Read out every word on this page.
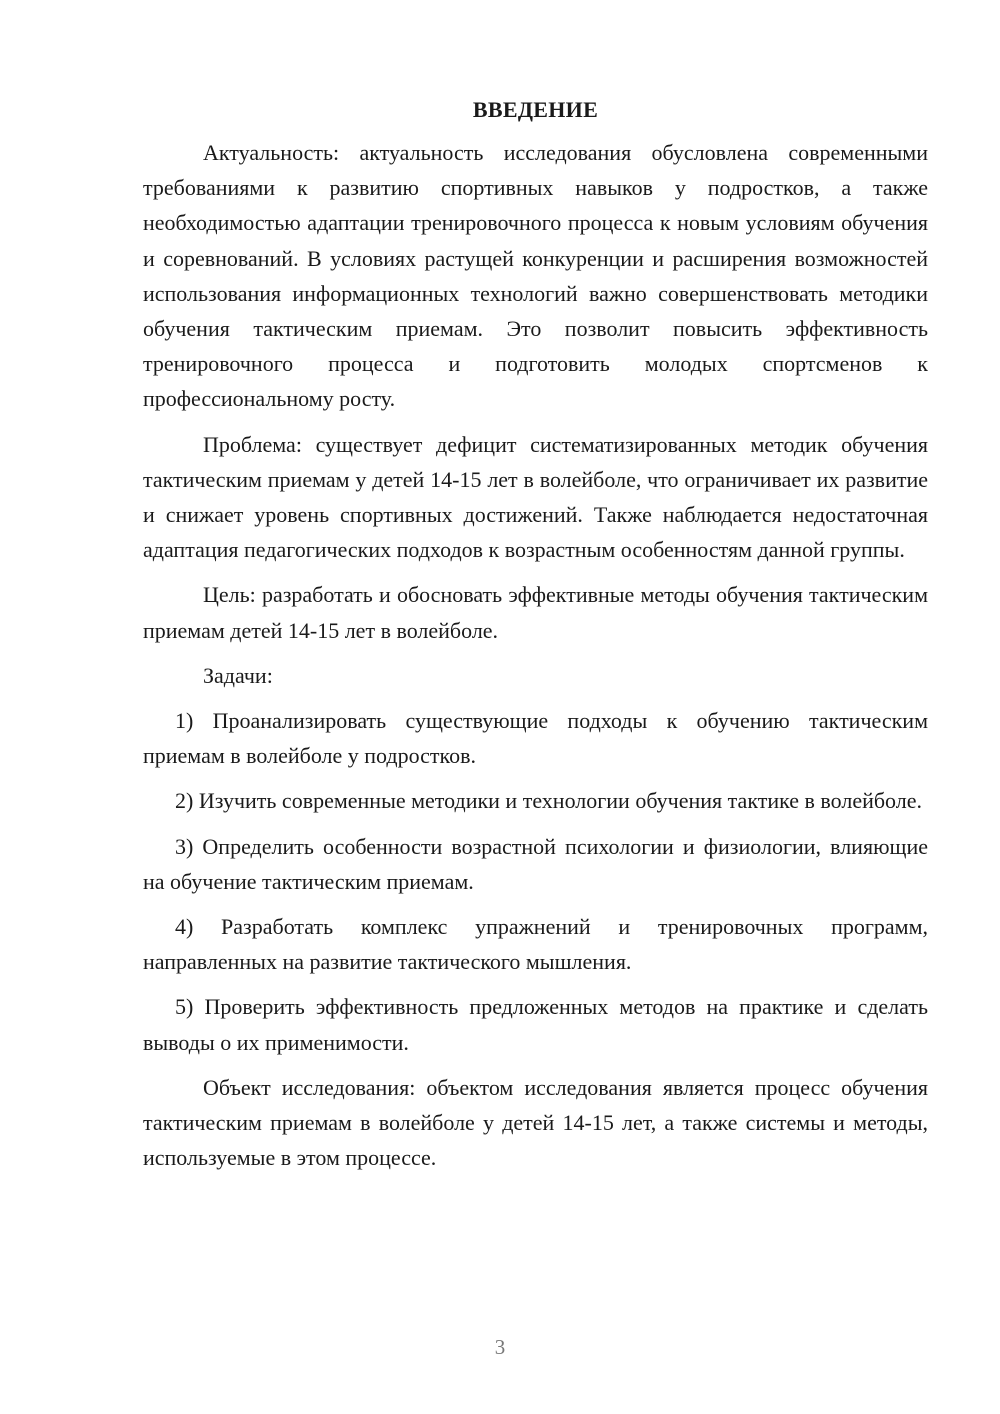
ВВЕДЕНИЕ

Актуальность: актуальность исследования обусловлена современными требованиями к развитию спортивных навыков у подростков, а также необходимостью адаптации тренировочного процесса к новым условиям обучения и соревнований. В условиях растущей конкуренции и расширения возможностей использования информационных технологий важно совершенствовать методики обучения тактическим приемам. Это позволит повысить эффективность тренировочного процесса и подготовить молодых спортсменов к профессиональному росту.

Проблема: существует дефицит систематизированных методик обучения тактическим приемам у детей 14-15 лет в волейболе, что ограничивает их развитие и снижает уровень спортивных достижений. Также наблюдается недостаточная адаптация педагогических подходов к возрастным особенностям данной группы.

Цель: разработать и обосновать эффективные методы обучения тактическим приемам детей 14-15 лет в волейболе.

Задачи:

1) Проанализировать существующие подходы к обучению тактическим приемам в волейболе у подростков.

2) Изучить современные методики и технологии обучения тактике в волейболе.

3) Определить особенности возрастной психологии и физиологии, влияющие на обучение тактическим приемам.

4) Разработать комплекс упражнений и тренировочных программ, направленных на развитие тактического мышления.

5) Проверить эффективность предложенных методов на практике и сделать выводы о их применимости.

Объект исследования: объектом исследования является процесс обучения тактическим приемам в волейболе у детей 14-15 лет, а также системы и методы, используемые в этом процессе.

3
